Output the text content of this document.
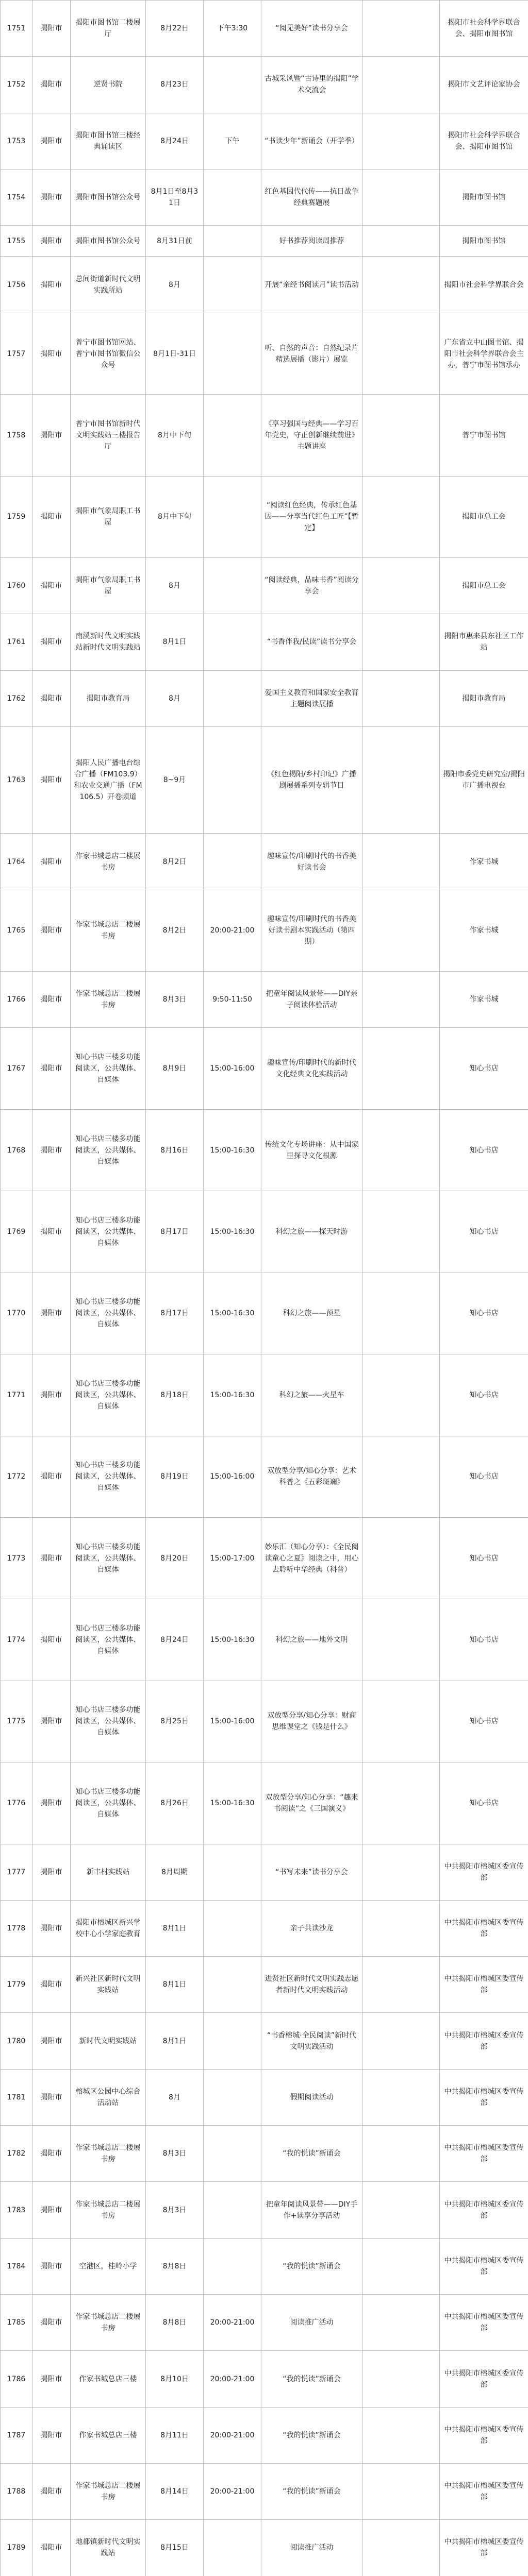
1751	揭阳市	揭阳市图书馆二楼展厅	8月22日	下午3:30	“阅见美好”读书分享会		揭阳市社会科学界联合会、揭阳市图书馆
1752	揭阳市	逆贤书院	8月23日		古城采风暨“古诗里的揭阳”学术交流会		揭阳市文艺评论家协会
1753	揭阳市	揭阳市图书馆三楼经典诵读区	8月24日	下午	“书读少年”新诵会（开学季）		揭阳市社会科学界联合会、揭阳市图书馆
1754	揭阳市	揭阳市图书馆公众号	8月1日至8月31日		红色基因代代传——抗日战争经典赛题展		揭阳市图书馆
1755	揭阳市	揭阳市图书馆公众号	8月31日前		好书推荐阅读周推荐		揭阳市图书馆
1756	揭阳市	总间街道新时代文明实践所站	8月		开展“亲经书阅读月”读书活动		揭阳市社会科学界联合会
1757	揭阳市	普宁市图书馆网站、普宁市图书馆微信公众号	8月1日-31日		听、自然的声音：自然纪录片精选展播（影片）展览		广东省立中山图书馆、揭阳市社会科学界联合会主办，普宁市图书馆承办
1758	揭阳市	普宁市图书馆新时代文明实践站三楼报告厅	8月中下旬		《享习强国与经典——学习百年党史，守正创新继续前进》主题讲座		普宁市图书馆
1759	揭阳市	揭阳市气象局职工书屋	8月中下旬		“阅读红色经典，传承红色基因——分享当代红色工匠”【暂定】		揭阳市总工会
1760	揭阳市	揭阳市气象局职工书屋	8月		“阅读经典，品味书香”阅读分享会		揭阳市总工会
1761	揭阳市	南溪新时代文明实践站新时代文明实践站	8月1日		“书香伴我/民读”读书分享会		揭阳市惠来县东社区工作站
1762	揭阳市	揭阳市教育局	8月		爱国主义教育和国家安全教育主题阅读展播		揭阳市教育局
1763	揭阳市	揭阳人民广播电台综合广播（FM103.9）和农业交通广播（FM106.5）开卷频道	8~9月		《红色揭阳/乡村印记》广播剧展播系列专辑节目		揭阳市委党史研究室/揭阳市广播电视台
1764	揭阳市	作家书城总店二楼展书房	8月2日		趣味宣传/印刷时代的书香美好读书会		作家书城
1765	揭阳市	作家书城总店二楼展书房	8月2日	20:00-21:00	趣味宣传/印刷时代的书香美好读书剧本实践活动（第四期）		作家书城
1766	揭阳市	作家书城总店二楼展书房	8月3日	9:50-11:50	把童年阅读风景带——DIY亲子阅读体验活动		作家书城
1767	揭阳市	知心书店三楼多功能阅读区，公共媒体、自媒体	8月9日	15:00-16:00	趣味宣传/印刷时代的新时代文化经典文化实践活动		知心书店
1768	揭阳市	知心书店三楼多功能阅读区，公共媒体、自媒体	8月16日	15:00-16:30	传统文化专场讲座：从中国家里探寻文化根源		知心书店
1769	揭阳市	知心书店三楼多功能阅读区，公共媒体、自媒体	8月17日	15:00-16:30	科幻之旅——探天时游		知心书店
1770	揭阳市	知心书店三楼多功能阅读区，公共媒体、自媒体	8月17日	15:00-16:30	科幻之旅——预星		知心书店
1771	揭阳市	知心书店三楼多功能阅读区，公共媒体、自媒体	8月18日	15:00-16:30	科幻之旅——火星车		知心书店
1772	揭阳市	知心书店三楼多功能阅读区，公共媒体、自媒体	8月19日	15:00-16:00	双放型分享/知心分享：艺术科普之《五彩斑斓》		知心书店
1773	揭阳市	知心书店三楼多功能阅读区，公共媒体、自媒体	8月20日	15:00-17:00	妙乐汇（知心分享）：《全民阅读童心之夏》阅读之中，用心去聆听中华经典（科普）		知心书店
1774	揭阳市	知心书店三楼多功能阅读区，公共媒体、自媒体	8月24日	15:00-16:30	科幻之旅——地外文明		知心书店
1775	揭阳市	知心书店三楼多功能阅读区，公共媒体、自媒体	8月25日	15:00-16:00	双放型分享/知心分享：财商思维课堂之《钱是什么》		知心书店
1776	揭阳市	知心书店三楼多功能阅读区，公共媒体、自媒体	8月26日	15:00-16:30	双放型分享/知心分享：“趣来书阅读”之《三国演义》		知心书店
1777	揭阳市	新丰村实践站	8月周期		“书写未来”读书分享会		中共揭阳市榕城区委宣传部
1778	揭阳市	揭阳市榕城区新兴学校中心小学家庭教育	8月1日		亲子共读沙龙		中共揭阳市榕城区委宣传部
1779	揭阳市	新兴社区新时代文明实践站	8月1日		进贤社区新时代文明实践志愿者新时代文明实践活动		中共揭阳市榕城区委宣传部
1780	揭阳市	新时代文明实践站	8月1日		“书香榕城·全民阅读”新时代文明实践活动		中共揭阳市榕城区委宣传部
1781	揭阳市	榕城区公园中心综合活动站	8月		假期阅读活动		中共揭阳市榕城区委宣传部
1782	揭阳市	作家书城总店二楼展书房	8月3日		“我的悦读”新诵会		中共揭阳市榕城区委宣传部
1783	揭阳市	作家书城总店二楼展书房	8月3日		把童年阅读风景带——DIY手作+读享分享活动		中共揭阳市榕城区委宣传部
1784	揭阳市	空港区，桂岭小学	8月8日		“我的悦读”新诵会		中共揭阳市榕城区委宣传部
1785	揭阳市	作家书城总店二楼展书房	8月8日	20:00-21:00	阅读推广活动		中共揭阳市榕城区委宣传部
1786	揭阳市	作家书城总店三楼	8月10日	20:00-21:00	“我的悦读”新诵会		中共揭阳市榕城区委宣传部
1787	揭阳市	作家书城总店三楼	8月11日	20:00-21:00	“我的悦读”新诵会		中共揭阳市榕城区委宣传部
1788	揭阳市	作家书城总店二楼展书房	8月14日	20:00-21:00	“我的悦读”新诵会		中共揭阳市榕城区委宣传部
1789	揭阳市	地都镇新时代文明实践站	8月15日		阅读推广活动		中共揭阳市榕城区委宣传部
